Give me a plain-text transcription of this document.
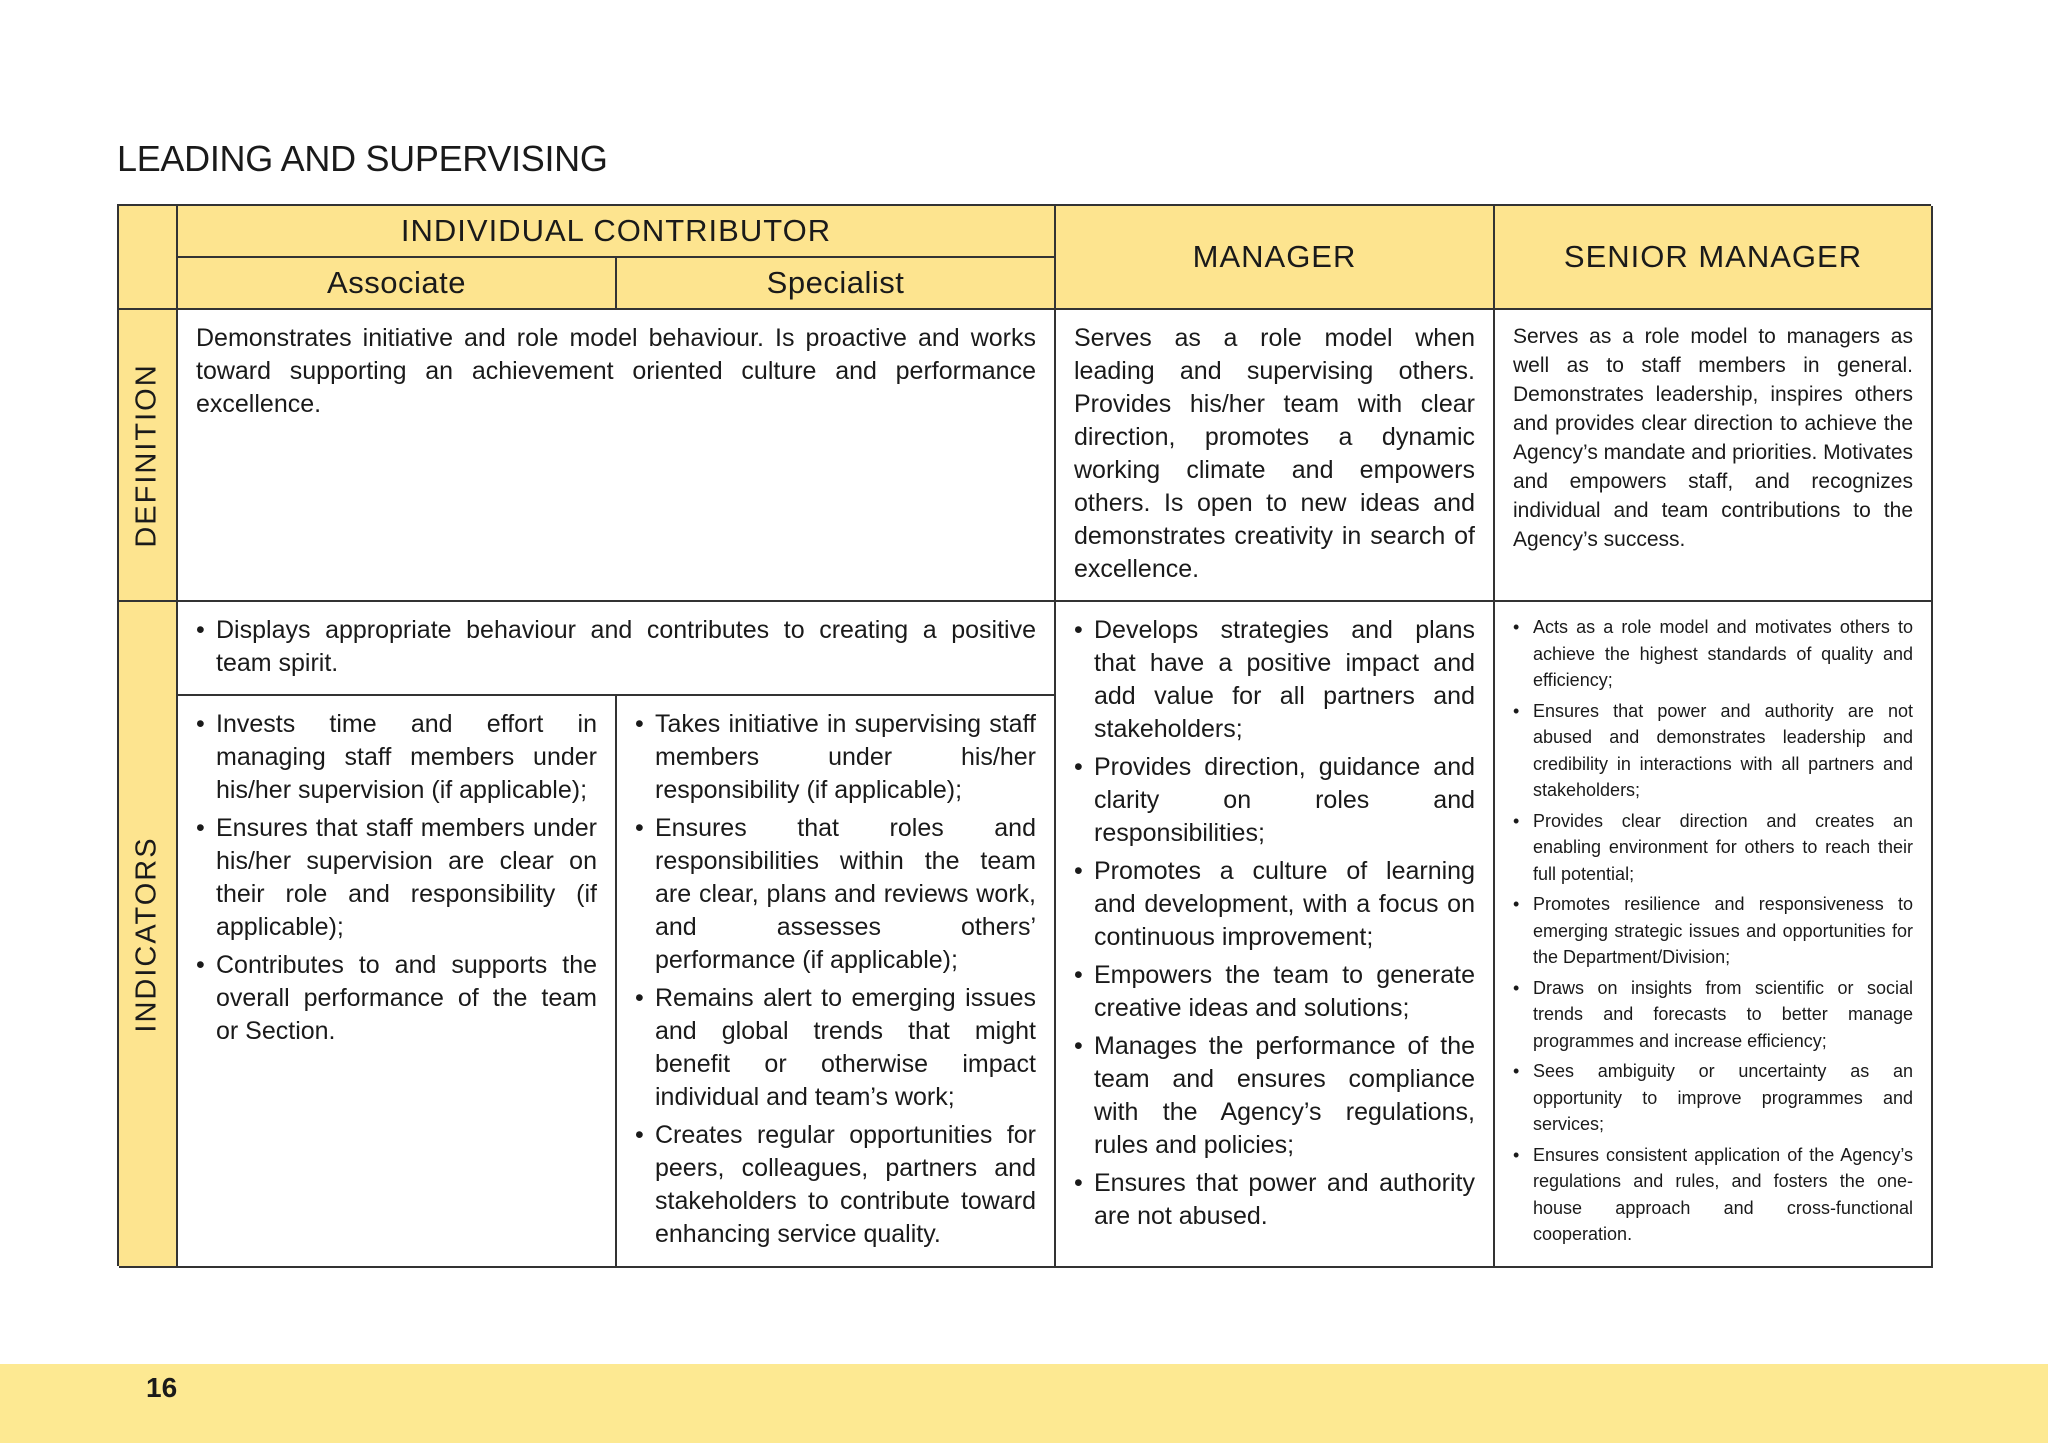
LEADING AND SUPERVISING
INDIVIDUAL CONTRIBUTOR
MANAGER	SENIOR MANAGER
Associate	Specialist
DEFINITION

Demonstrates initiative and role model behaviour. Is proactive and works toward supporting an achievement oriented culture and performance excellence.

Serves as a role model when leading and supervising others. Provides his/her team with clear direction, promotes a dynamic working climate and empowers others. Is open to new ideas and demonstrates creativity in search of excellence.

Serves as a role model to managers as well as to staff members in general. Demonstrates leadership, inspires others and provides clear direction to achieve the Agency’s mandate and priorities. Motivates and empowers staff, and recognizes individual and team contributions to the Agency’s success.

INDICATORS
• Displays appropriate behaviour and contributes to creating a positive team spirit.
• Invests time and effort in managing staff members under his/her supervision (if applicable);
• Ensures that staff members under his/her supervision are clear on their role and responsibility (if applicable);
• Contributes to and supports the overall performance of the team or Section.
• Takes initiative in supervising staff members under his/her responsibility (if applicable);
• Ensures that roles and responsibilities within the team are clear, plans and reviews work, and assesses others’ performance (if applicable);
• Remains alert to emerging issues and global trends that might benefit or otherwise impact individual and team’s work;
• Creates regular opportunities for peers, colleagues, partners and stakeholders to contribute toward enhancing service quality.
• Develops strategies and plans that have a positive impact and add value for all partners and stakeholders;
• Provides direction, guidance and clarity on roles and responsibilities;
• Promotes a culture of learning and development, with a focus on continuous improvement;
• Empowers the team to generate creative ideas and solutions;
• Manages the performance of the team and ensures compliance with the Agency’s regulations, rules and policies;
• Ensures that power and authority are not abused.
• Acts as a role model and motivates others to achieve the highest standards of quality and efficiency;
• Ensures that power and authority are not abused and demonstrates leadership and credibility in interactions with all partners and stakeholders;
• Provides clear direction and creates an enabling environment for others to reach their full potential;
• Promotes resilience and responsiveness to emerging strategic issues and opportunities for the Department/Division;
• Draws on insights from scientific or social trends and forecasts to better manage programmes and increase efficiency;
• Sees ambiguity or uncertainty as an opportunity to improve programmes and services;
• Ensures consistent application of the Agency’s regulations and rules, and fosters the one-house approach and cross-functional cooperation.
16
